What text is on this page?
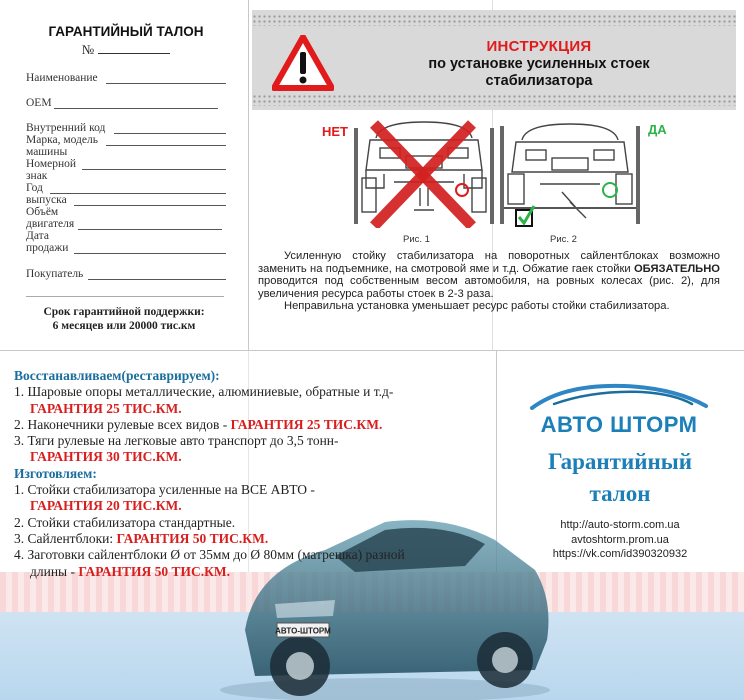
ГАРАНТИЙНЫЙ ТАЛОН
№
Наименование
OEM
Внутренний код
Марка, модель
машины
Номерной
знак
Год
выпуска
Объём
двигателя
Дата
продажи
Покупатель
Срок гарантийной поддержки:
6 месяцев или 20000 тис.км
ИНСТРУКЦИЯ
по установке усиленных стоек
стабилизатора
НЕТ	ДА
Рис. 1	Рис. 2

Усиленную стойку стабилизатора на поворотных сайлентблоках возможно заменить на подъемнике, на смотровой яме и т.д. Обжатие гаек стойки ОБЯЗАТЕЛЬНО проводится под собственным весом автомобиля, на ровных колесах (рис. 2), для увеличения ресурса работы стоек в 2-3 раза.

Неправильна установка уменьшает ресурс работы стойки стабилизатора.

АВТО-ШТОРМ
Восстанавливаем(реставрируем):
1. Шаровые опоры металлические, алюминиевые, обратные и т.д-
ГАРАНТИЯ 25 ТИС.КМ.
2. Наконечники рулевые всех видов - ГАРАНТИЯ 25 ТИС.КМ.
3. Тяги рулевые на легковые авто транспорт до 3,5 тонн-
ГАРАНТИЯ 30 ТИС.КМ.
Изготовляем:
1. Стойки стабилизатора усиленные на ВСЕ АВТО -
ГАРАНТИЯ 20 ТИС.КМ.
2. Стойки стабилизатора стандартные.
3. Сайлентблоки: ГАРАНТИЯ 50 ТИС.КМ.
4. Заготовки сайлентблоки Ø от 35мм до Ø 80мм (матрешка) разной
длины - ГАРАНТИЯ 50 ТИС.КМ.
АВТО ШТОРМ
Гарантийный
талон
http://auto-storm.com.ua
avtoshtorm.prom.ua
https://vk.com/id390320932
